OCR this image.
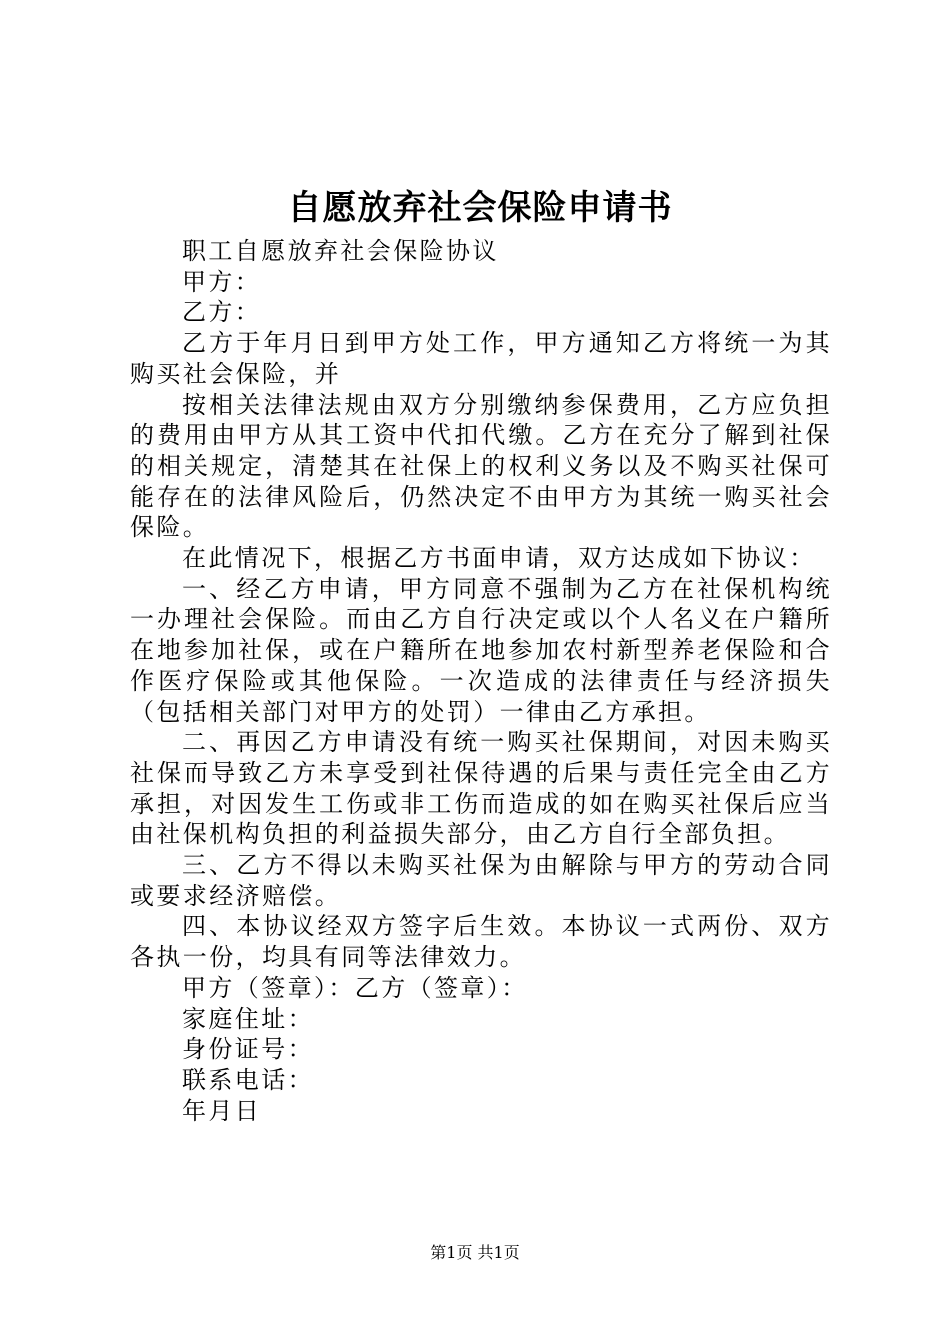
自愿放弃社会保险申请书

职工自愿放弃社会保险协议

甲方：

乙方：

乙方于年月日到甲方处工作，甲方通知乙方将统一为其购买社会保险，并

按相关法律法规由双方分别缴纳参保费用，乙方应负担的费用由甲方从其工资中代扣代缴。乙方在充分了解到社保的相关规定，清楚其在社保上的权利义务以及不购买社保可能存在的法律风险后，仍然决定不由甲方为其统一购买社会保险。

在此情况下，根据乙方书面申请，双方达成如下协议：

一、经乙方申请，甲方同意不强制为乙方在社保机构统一办理社会保险。而由乙方自行决定或以个人名义在户籍所在地参加社保，或在户籍所在地参加农村新型养老保险和合作医疗保险或其他保险。一次造成的法律责任与经济损失（包括相关部门对甲方的处罚）一律由乙方承担。

二、再因乙方申请没有统一购买社保期间，对因未购买社保而导致乙方未享受到社保待遇的后果与责任完全由乙方承担，对因发生工伤或非工伤而造成的如在购买社保后应当由社保机构负担的利益损失部分，由乙方自行全部负担。

三、乙方不得以未购买社保为由解除与甲方的劳动合同或要求经济赔偿。

四、本协议经双方签字后生效。本协议一式两份、双方各执一份，均具有同等法律效力。

甲方（签章）：乙方（签章）：

家庭住址：

身份证号：

联系电话：

年月日

第1页 共1页
